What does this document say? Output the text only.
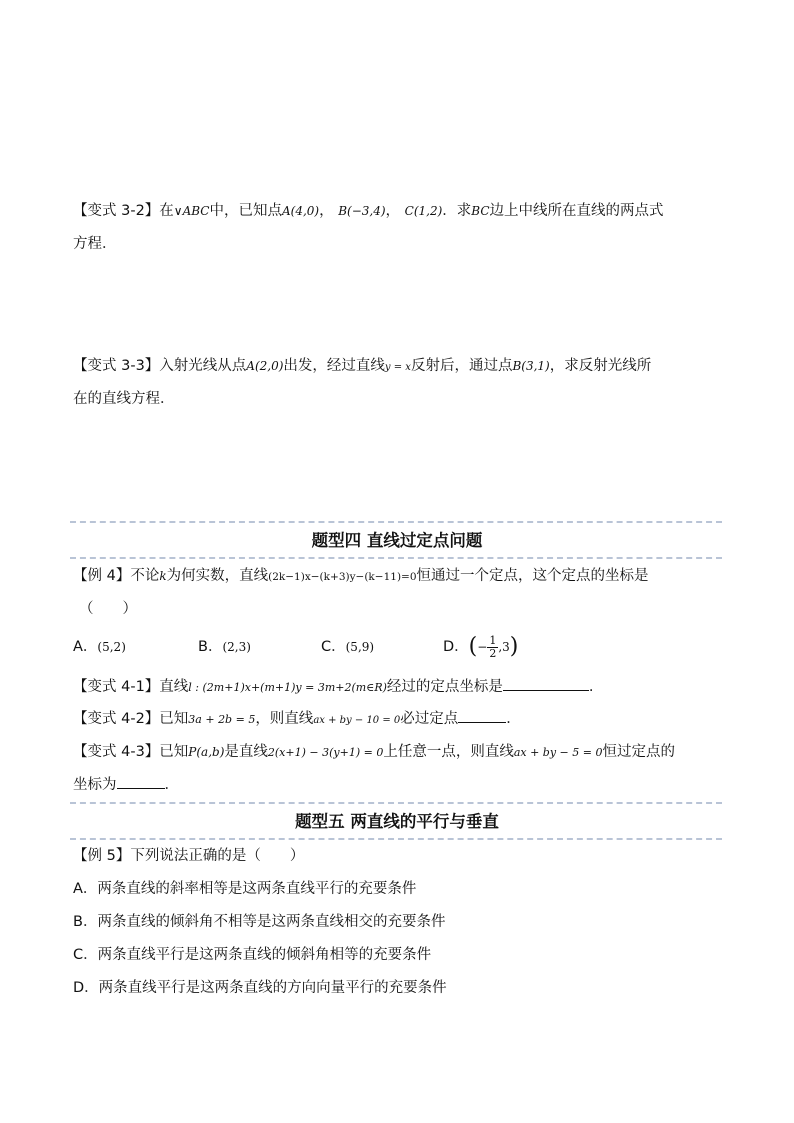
【变式 3-2】在∨ABC中，已知点A(4,0)， B(−3,4)， C(1,2)．求BC边上中线所在直线的两点式
方程．
【变式 3-3】入射光线从点A(2,0)出发，经过直线y = x反射后，通过点B(3,1)，求反射光线所
在的直线方程．
题型四 直线过定点问题
【例 4】不论k为何实数，直线(2k−1)x−(k+3)y−(k−11)=0恒通过一个定点，这个定点的坐标是
（　　）
A．(5,2)	B．(2,3)	C．(5,9)	D．(− $\frac{1}{2} ,3$)
【变式 4-1】直线l : (2m+1)x+(m+1)y = 3m+2(m∈R)经过的定点坐标是	.
【变式 4-2】已知3a + 2b = 5，则直线ax + by − 10 = 0必过定点	．
【变式 4-3】已知P(a,b)是直线2(x+1) − 3(y+1) = 0上任意一点，则直线ax + by − 5 = 0恒过定点的
坐标为	．
题型五 两直线的平行与垂直
【例 5】下列说法正确的是（　　）
A．两条直线的斜率相等是这两条直线平行的充要条件
B．两条直线的倾斜角不相等是这两条直线相交的充要条件
C．两条直线平行是这两条直线的倾斜角相等的充要条件
D．两条直线平行是这两条直线的方向向量平行的充要条件
